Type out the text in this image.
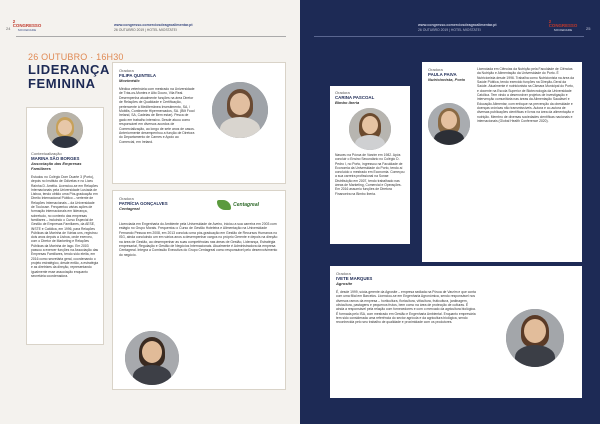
2 CONGRESSO
SOCIEDADE
24
www.congresso.comerciosdeagroalimentar.pt
26 OUTUBRO 2019 | HOTEL MIOSTATEI
26 OUTUBRO · 16H30
LIDERANÇA
FEMININA
Contextualização
MARINA SÃO BORGES
Associação das Empresas Familiares
Estudou no Colégio Dom Duarte 3 (Porto), depois no Instituto de Odivelas e no Liceu Rainha D. Amélia. Licenciou-se em Relações Internacionais pela Universidade Lusíada de Lisboa, tendo obtido uma Pós-graduação em Direito Internacional Público – vertente de Relações Internacionais – da Universidade de Toulouse. Frequentou várias ações de formação internacionais em liderança, sobretudo, no contexto das empresas familiares – incluindo o Curso Especial de Gestão de Empresas Familiares, da AESE, INSTE e Católica, em 1996, para Relações Públicas da Marinha de Várias uns, registrou dois anos depois a Lisboa, onde exerceu, com o Diretor de Marketing e Relações Públicas da Marinha de Iago. Em 2003 passou a exercer funções na Associação das Empresas Familiares, tendo sido eleita, em 2016 como secretária geral, coordenando o projeto estratégico, desde então, a estratégia e as diretrizes da direção, representando igualmente esse associação enquanto secretária coordenadora.
Oradora
FILIPA QUINTELA
Movimédic
Médica veterinária com mestrado na Universidade de Trás-os-Montes e Alto Douro, Vila Real. Desempenha atualmente funções na área Diretor de Relações de Qualidade e Certificação, pertencente à Mediterrânea Investimento, SA, / Mobilis, Continente Hipermercados, SA. (Bilt Food Ireland, SA, Cadeias de Bem estar). Pesca de gado em trabalho intensivo. Desde atuou como responsável em diversos acordos de Comercialização, ao longo de sete anos de casos. Anteriormente desempenhou a função de Diretora do Departamento de Carnes e Apoio ao Comercial, em Ireland.
Oradora
PATRÍCIA GONÇALVES
Centagreal
Centagreal
Licenciada em Engenharia do Ambiente pela Universidade de Aveiro, iniciou a sua carreira em 2003 com estágio no Grupo Morais. Frequentou o Curso de Gestão Hoteleira e Alimentação na Universidade Fernando Pessoa em 2008, em 2013 concluiu uma pós-graduação em Gestão de Recursos Humanos no ISG, ainda concluindo um em vários anos a desempenhar cargos no próprio Gerente e depois na direção na área de Gestão, ao desempenhar as suas competências nas áreas de Gestão, Liderança, Estratégia empresarial, Regulação e Gestão de Negócios Internacionais. Atualmente é Administradora da empresa Centagreal. Integra a Comissão Executiva do Grupo Centagreal como responsável pelo desenvolvimento do negócio.
www.congresso.comerciosdeagroalimentar.pt
26 OUTUBRO 2019 | HOTEL MIOSTATEI
2 CONGRESSO
SOCIEDADE	25
Oradora
CARINA PASCOAL
Bimbo Iberia
Nasceu na Póvoa de Varzim em 1982. Após concluir o Ensino Secundário no Colégio D. Pedro I, no Porto, ingressou na Faculdade de Economia da Universidade do Porto, tendo aí concluído o mestrado em Economia. Começou a sua carreira profissional na Sonae Distribuição em 2007, tendo trabalhado nas áreas de Marketing, Comercial e Operações. Em 2016 assumiu funções de Diretora Financeira na Bimbo Iberia.
Oradora
PAULA PAIVA
Nutricionista, Porto
Licenciada em Ciências da Nutrição pela Faculdade de Ciências da Nutrição e Alimentação da Universidade do Porto. É Nutricionista desde 1996. Trabalha como Nutricionista na área da Saúde Pública, tendo exercido funções na Direção-Geral da Saúde. Atualmente é nutricionista na Câmara Municipal do Porto, e docente na Escola Superior de Biotecnologia da Universidade Católica. Tem vindo a desenvolver projetos de investigação e intervenção comunitária nas áreas da Alimentação Saudável e Educação Alimentar, com enfoque na prevenção da obesidade e doenças crónicas não transmissíveis. Autora e co-autora de diversas publicações científicas e livros na área da alimentação e nutrição. Membro de diversas sociedades científicas nacionais e internacionais (Global Health Conference 2020).
Oradora
IVETE MARQUES
Agrosite
É, desde 1999, sócia-gerente da Agrosite – empresa sediada na Póvoa de Varzim e que conta com uma filial em Barcelos. Licenciou-se em Engenharia Agronómica, sendo responsável nos diversos ramos da empresa – horticultura, floricultura, viticultura, fruticultura, jardinagem, olivicultura, pastagens e pequenos frutos, bem como na área de protecção de culturas. É ainda a responsável pela relação com fornecedores e com o mercado da agricultura biológica. É formada pelo ISA, com mestrado em Gestão e Engenharia Ambiental. Enquanto empresária tem sido considerada uma referência do sector agrícola e da agricultura biológica, sendo reconhecida pelo seu trabalho de qualidade e proximidade com os produtores.
